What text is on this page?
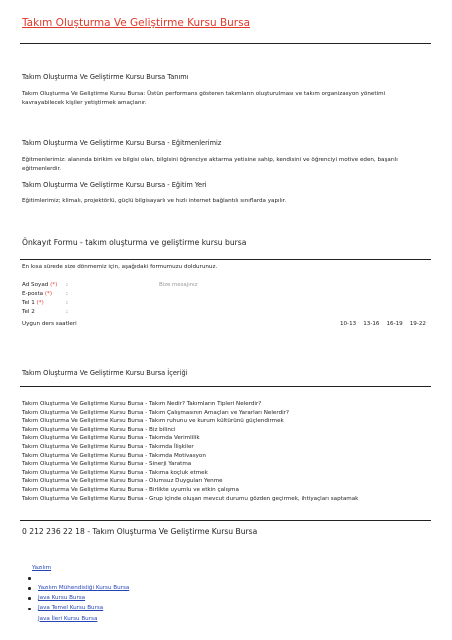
Takım Oluşturma Ve Geliştirme Kursu Bursa
Takım Oluşturma Ve Geliştirme Kursu Bursa Tanımı
Takım Oluşturma Ve Geliştirme Kursu Bursa: Üstün performans gösteren takımların oluşturulması ve takım organizasyon yönetimi kavrayabilecek kişiler yetiştirmek amaçlanır.
Takım Oluşturma Ve Geliştirme Kursu Bursa - Eğitmenlerimiz
Eğitmenlerimiz: alanında birikim ve bilgisi olan, bilgisini öğrenciye aktarma yetisine sahip, kendisini ve öğrenciyi motive eden, başarılı eğitmenlerdir.
Takım Oluşturma Ve Geliştirme Kursu Bursa - Eğitim Yeri
Eğitimlerimiz; klimalı, projektörlü, güçlü bilgisayarlı ve hızlı internet bağlantılı sınıflarda yapılır.
Önkayıt Formu - takım oluşturma ve geliştirme kursu bursa
En kısa sürede size dönmemiz için, aşağıdaki formumuzu doldurunuz.
Ad Soyad (*) :
E-posta (*) :
Tel 1 (*)	:
Tel 2	:
Bize mesajınız
Uygun ders saatleri	10-13 13-16 16-19 19-22
Takım Oluşturma Ve Geliştirme Kursu Bursa İçeriği
Takım Oluşturma Ve Geliştirme Kursu Bursa - Takım Nedir? Takımların Tipleri Nelerdir?
Takım Oluşturma Ve Geliştirme Kursu Bursa - Takım Çalışmasının Amaçları ve Yararları Nelerdir?
Takım Oluşturma Ve Geliştirme Kursu Bursa - Takım ruhunu ve kurum kültürünü güçlendirmek
Takım Oluşturma Ve Geliştirme Kursu Bursa - Biz bilinci
Takım Oluşturma Ve Geliştirme Kursu Bursa - Takımda Verimlilik
Takım Oluşturma Ve Geliştirme Kursu Bursa - Takımda İlişkiler
Takım Oluşturma Ve Geliştirme Kursu Bursa - Takımda Motivasyon
Takım Oluşturma Ve Geliştirme Kursu Bursa - Sinerji Yaratma
Takım Oluşturma Ve Geliştirme Kursu Bursa - Takıma koçluk etmek
Takım Oluşturma Ve Geliştirme Kursu Bursa - Olumsuz Duyguları Yenme
Takım Oluşturma Ve Geliştirme Kursu Bursa - Birlikte uyumlu ve etkin çalışma
Takım Oluşturma Ve Geliştirme Kursu Bursa - Grup içinde oluşan mevcut durumu gözden geçirmek, ihtiyaçları saptamak
0 212 236 22 18 - Takım Oluşturma Ve Geliştirme Kursu Bursa
Yazılım
Yazılım Mühendisliği Kursu Bursa
Java Kursu Bursa
Java Temel Kursu Bursa
Java İleri Kursu Bursa
